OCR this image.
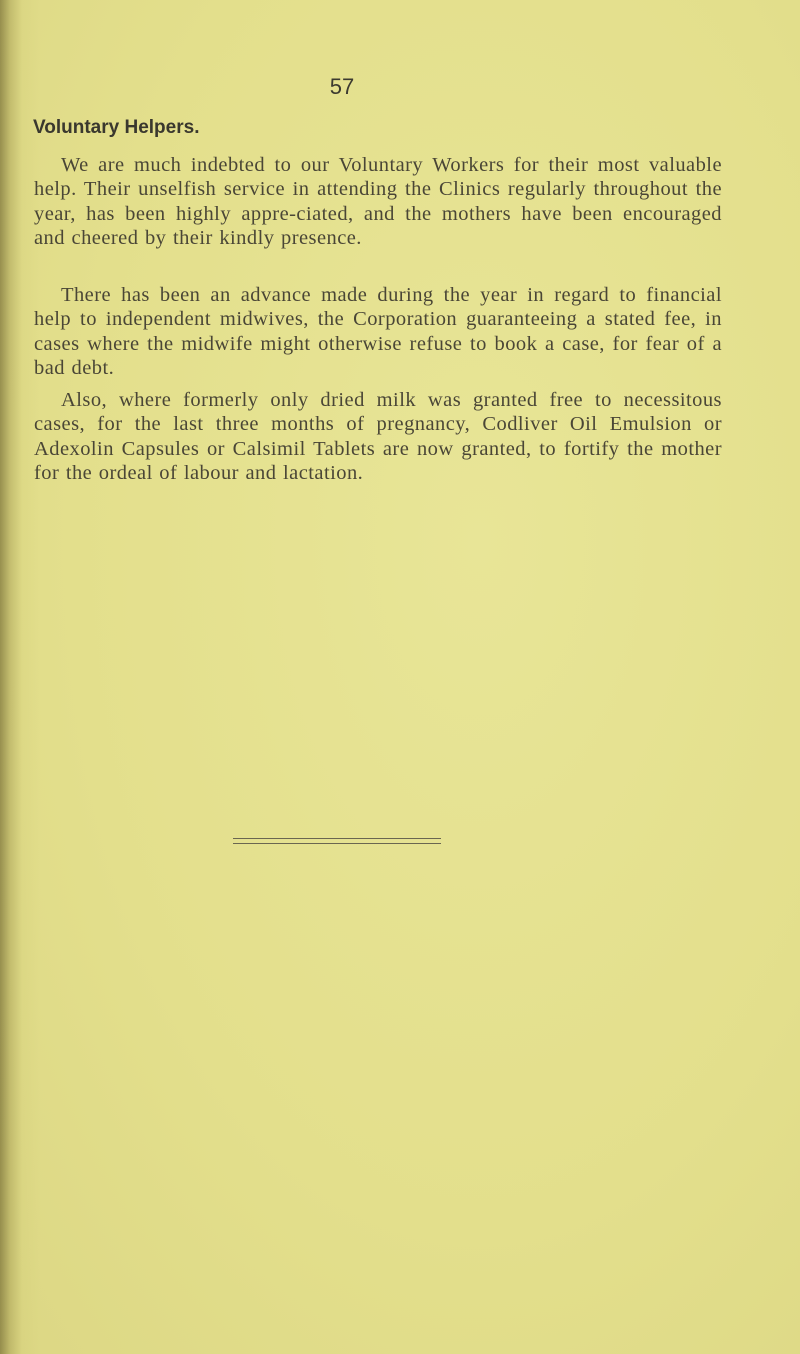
57
Voluntary Helpers.

We are much indebted to our Voluntary Workers for their most valuable help. Their unselfish service in attending the Clinics regularly throughout the year, has been highly appre-ciated, and the mothers have been encouraged and cheered by their kindly presence.

There has been an advance made during the year in regard to financial help to independent midwives, the Corporation guaranteeing a stated fee, in cases where the midwife might otherwise refuse to book a case, for fear of a bad debt.

Also, where formerly only dried milk was granted free to necessitous cases, for the last three months of pregnancy, Codliver Oil Emulsion or Adexolin Capsules or Calsimil Tablets are now granted, to fortify the mother for the ordeal of labour and lactation.
